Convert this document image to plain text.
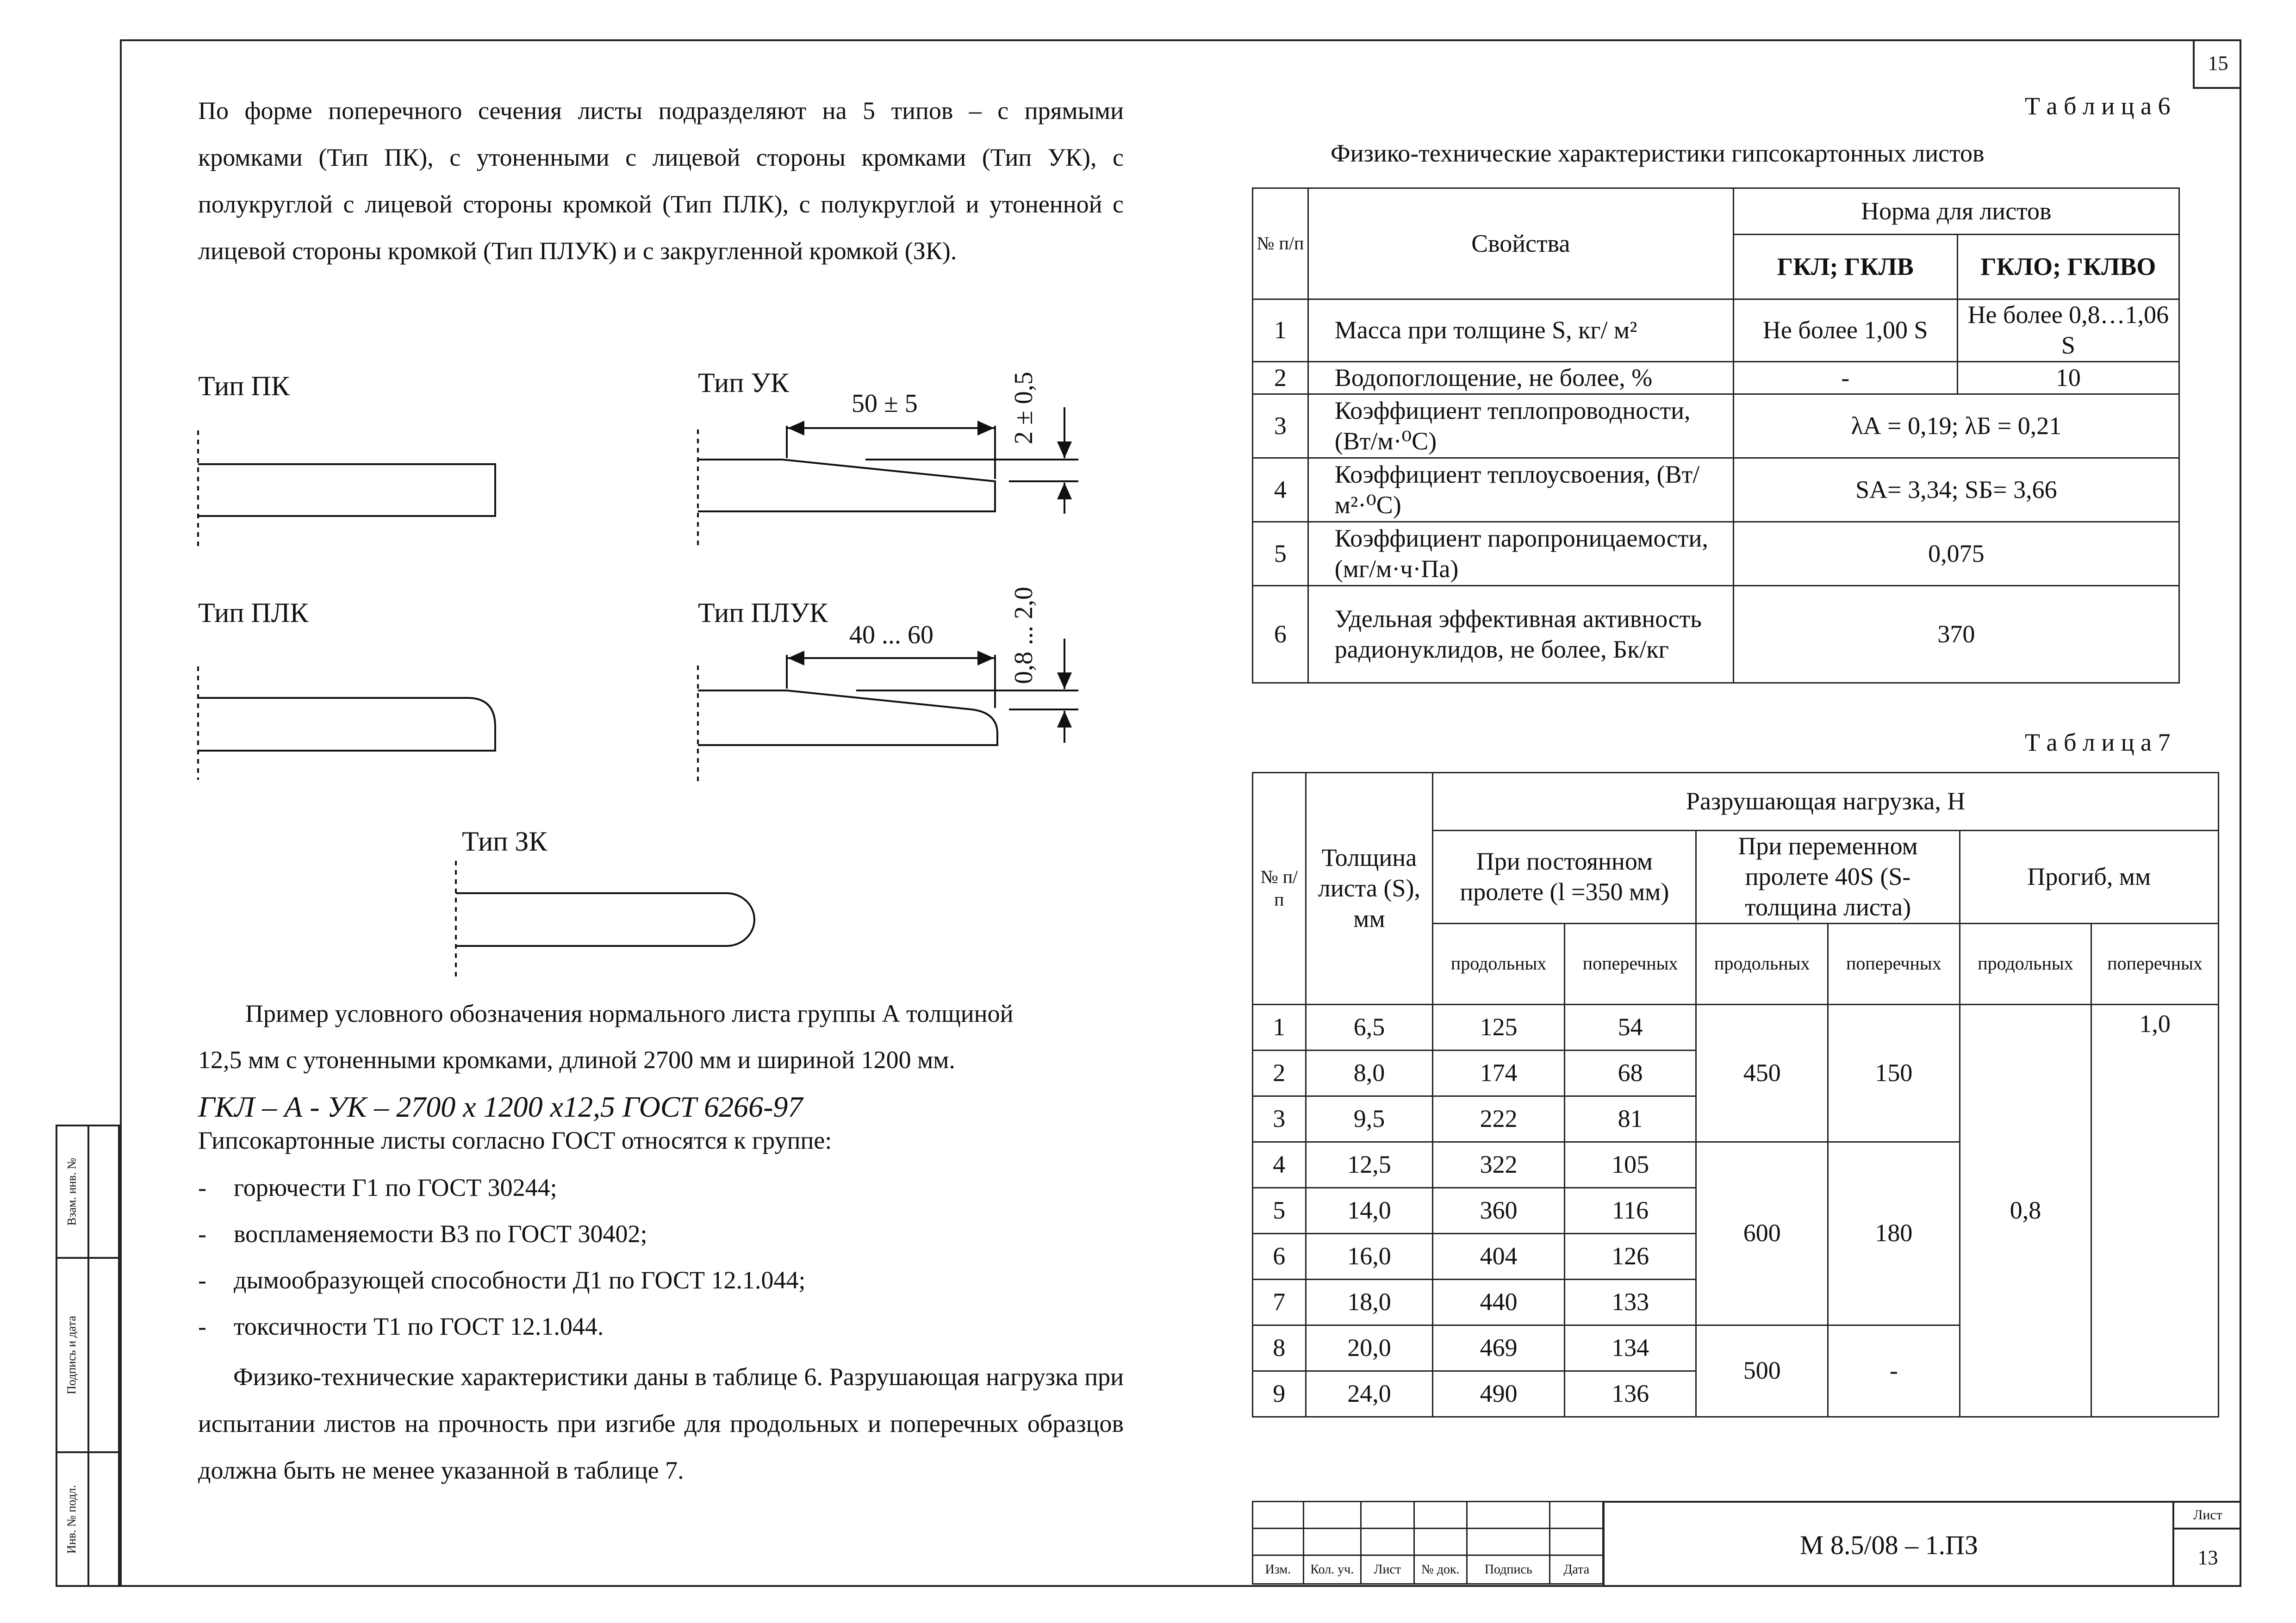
15
Взам. инв. №
Подпись и дата
Инв. № подл.

По форме поперечного сечения листы подразделяют на 5 типов – с прямыми кромками (Тип ПК), с утоненными с лицевой стороны кромками (Тип УК), с полукруглой с лицевой стороны кромкой (Тип ПЛК), с полукруглой и утоненной с лицевой стороны кромкой (Тип ПЛУК) и с закругленной кромкой (ЗК).

Тип ПК	Тип УК
Тип ПЛК	Тип ПЛУК
Тип ЗК
50 ± 5	2 ± 0,5
40 ... 60	0,8 ... 2,0

Пример условного обозначения нормального листа группы А толщиной

12,5 мм с утоненными кромками, длиной 2700 мм и шириной 1200 мм.

ГКЛ – А - УК – 2700 х 1200 х12,5 ГОСТ 6266-97
Гипсокартонные листы согласно ГОСТ относятся к группе:
- горючести Г1 по ГОСТ 30244;
- воспламеняемости В3 по ГОСТ 30402;
- дымообразующей способности Д1 по ГОСТ 12.1.044;
- токсичности Т1 по ГОСТ 12.1.044.

Физико-технические характеристики даны в таблице 6. Разрушающая нагрузка при испытании листов на прочность при изгибе для продольных и поперечных образцов должна быть не менее указанной в таблице 7.

Т а б л и ц а 6
Физико-технические характеристики гипсокартонных листов
№ п/п	Свойства	Норма для листов	
		ГКЛ; ГКЛВ	ГКЛО; ГКЛВО
1	Масса при толщине S, кг/ м²	Не более 1,00 S	Не более 0,8…1,06 S
2	Водопоглощение, не более, %	-	10
3	Коэффициент теплопроводности, (Вт/м·⁰С)	λА = 0,19; λБ = 0,21	
4	Коэффициент теплоусвоения, (Вт/м²·⁰С)	SА= 3,34; SБ= 3,66	
5	Коэффициент паропроницаемости, (мг/м·ч·Па)	0,075	
6	Удельная эффективная активность радионуклидов, не более, Бк/кг	370	
Т а б л и ц а 7
№ п/п	Толщина листа (S), мм	Разрушающая нагрузка, Н					
		При постоянном пролете (l =350 мм)		При переменном пролете 40S (S-толщина листа)		Прогиб, мм	
		продольных	поперечных	продольных	поперечных	продольных	поперечных
1	6,5	125	54	450	150	0,8	1,0
2	8,0	174	68				
3	9,5	222	81				
4	12,5	322	105	600	180		
5	14,0	360	116				
6	16,0	404	126				
7	18,0	440	133				
8	20,0	469	134	500	-		
9	24,0	490	136				

Изм.	Кол. уч.	Лист	№ док.	Подпись	Дата
М 8.5/08 – 1.ПЗ
Лист
13
